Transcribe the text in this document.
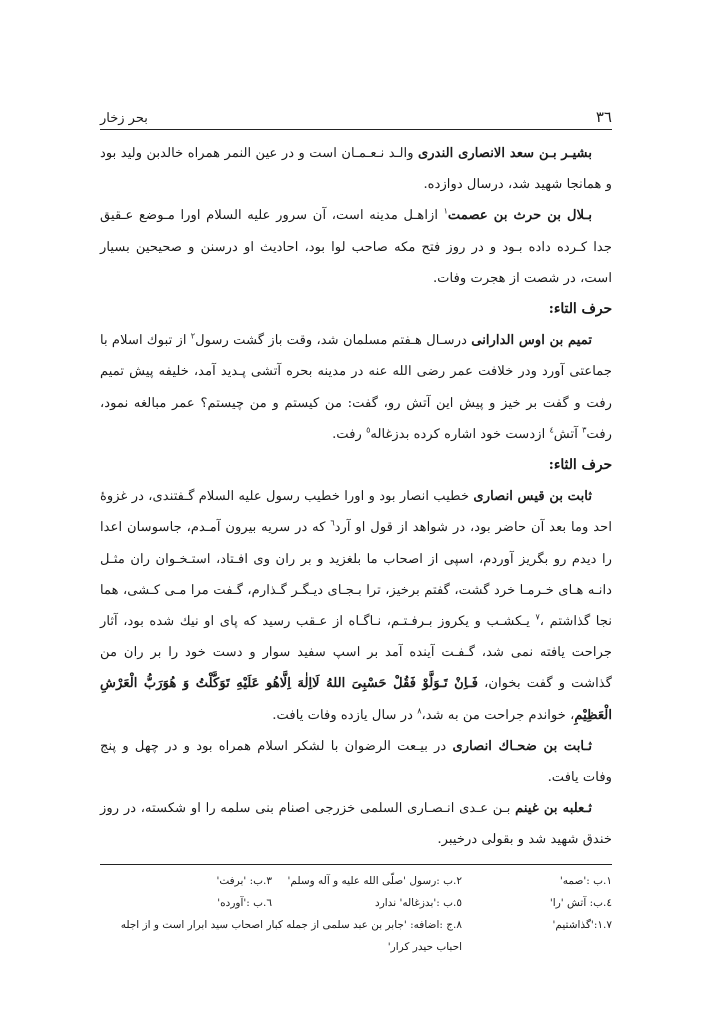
٣٦
بحر زخار

بشیـر بـن سعد الانصاری الندری والـد نـعـمـان است و در عین النمر همراه خالدبن ولید بود و همانجا شهید شد، درسال دوازده.

بـلال بن حرث بن عصمت$^١$ ازاهـل مدینه است، آن سرور علیه السلام اورا مـوضع عـقیق جدا کـرده داده بـود و در روز فتح مکه صاحب لوا بود، احادیث او درسنن و صحیحین بسیار است، در شصت از هجرت وفات.

حرف التاء:

تمیم بن اوس الدارانی درسـال هـفتم مسلمان شد، وقت باز گشت رسول$^٢$ از تبوك اسلام با جماعتی آورد ودر خلافت عمر رضی الله عنه در مدینه بحره آتشی پـدید آمد، خلیفه پیش تمیم رفت و گفت بر خیز و پیش این آتش رو، گفت: من کیستم و من چیستم؟ عمر مبالغه نمود، رفت$^٣$ آتش$^٤$ ازدست خود اشاره کرده بدزغاله$^٥$ رفت.

حرف الثاء:

ثابت بن قیس انصاری خطیب انصار بود و اورا خطیب رسول علیه السلام گـفتندی، در غزوۀ احد وما بعد آن حاضر بود، در شواهد از قول او آرد$^٦$ که در سریه بیرون آمـدم، جاسوسان اعدا را دیدم رو بگریز آوردم، اسپی از اصحاب ما بلغزید و بر ران وی افـتاد، استـخـوان ران مثـل دانـه هـای خـرمـا خرد گشت، گفتم برخیز، ترا بـجـای دیـگـر گـذارم، گـفت مرا مـی کـشی، هما نجا گذاشتم ،$^٧$ یـکشـب و یکروز بـرفـتـم، نـاگـاه از عـقب رسید که پای او نیك شده بود، آثار جراحت یافته نمی شد، گـفـت آینده آمد بر اسپ سفید سوار و دست خود را بر ران من گذاشت و گفت بخوان، فَـاِنْ تَـوَلَّوْ فَقُلْ حَسْبِیَ اللهُ لَااِلٰهَ اِلَّاهُو عَلَیْهِ تَوَکَّلْتُ وَ هُوَرَبُّ الْعَرْشِ الْعَظِیْمِ، خواندم جراحت من به شد،$^٨$ در سال یازده وفات یافت.

ثـابت بن ضحـاك انصاری در بیـعت الرضوان با لشکر اسلام همراه بود و در چهل و پنج وفات یافت.

ثـعلبه بن غینم بـن عـدی انـصـاری السلمی خزرجی اصنام بنی سلمه را او شکسته، در روز خندق شهید شد و بقولی درخیبر.

١.ب :'صمه'
٢.ب :رسول 'صلّی الله علیه و آله وسلم'
٣.ب: 'برفت'
٤.ب: آتش 'را'
٥.ب :'بدزغاله' ندارد
٦.ب :'آورده'
١.٧:'گذاشتیم'
٨.ج :اضافه: 'جابر بن عبد سلمی از جمله کبار اصحاب سید ابرار است و از اجله احباب حیدر کرار'
